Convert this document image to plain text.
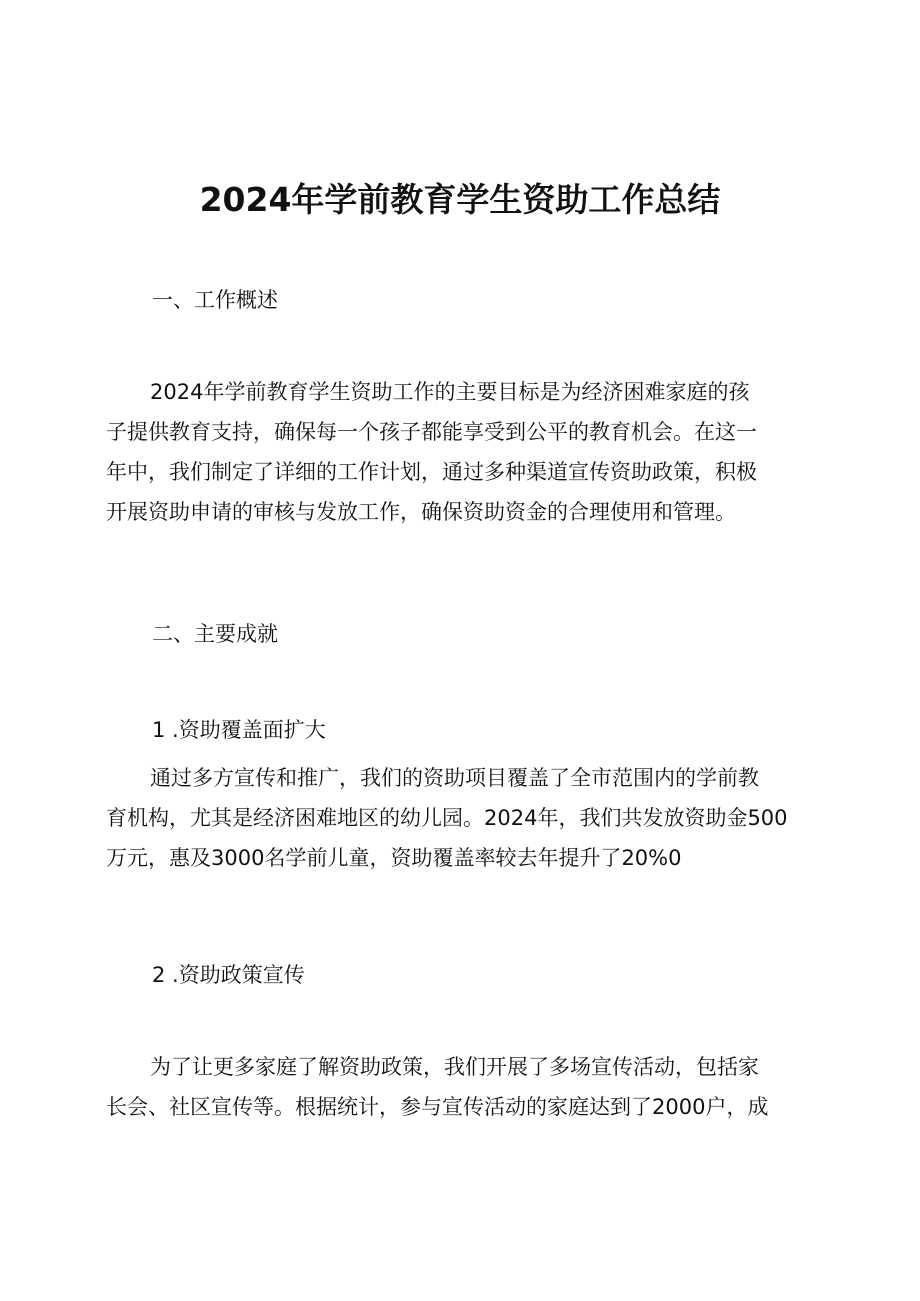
2024年学前教育学生资助工作总结
一、工作概述
2024年学前教育学生资助工作的主要目标是为经济困难家庭的孩
子提供教育支持，确保每一个孩子都能享受到公平的教育机会。在这一
年中，我们制定了详细的工作计划，通过多种渠道宣传资助政策，积极
开展资助申请的审核与发放工作，确保资助资金的合理使用和管理。
二、主要成就
1 .资助覆盖面扩大
通过多方宣传和推广，我们的资助项目覆盖了全市范围内的学前教
育机构，尤其是经济困难地区的幼儿园。2024年，我们共发放资助金500
万元，惠及3000名学前儿童，资助覆盖率较去年提升了20%0
2 .资助政策宣传
为了让更多家庭了解资助政策，我们开展了多场宣传活动，包括家
长会、社区宣传等。根据统计，参与宣传活动的家庭达到了2000户，成
